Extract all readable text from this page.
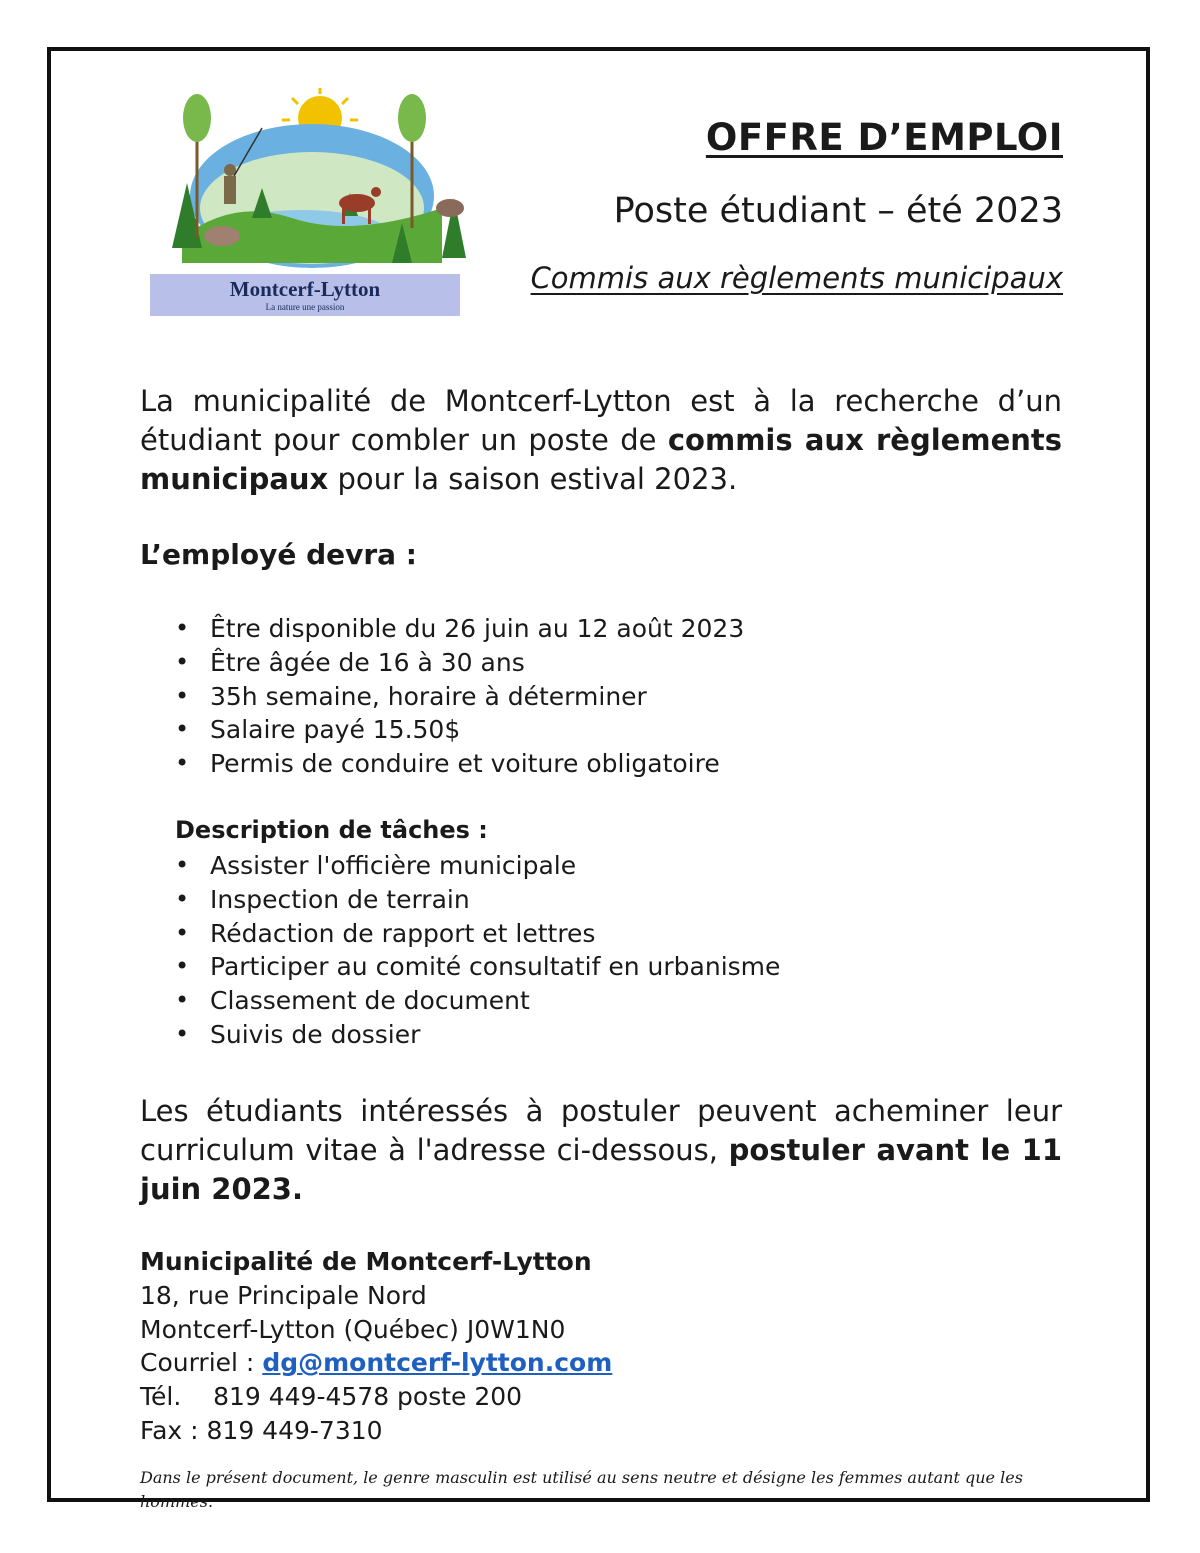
Montcerf-Lytton
La nature une passion
OFFRE D’EMPLOI
Poste étudiant – été 2023
Commis aux règlements municipaux

La municipalité de Montcerf-Lytton est à la recherche d’un étudiant pour combler un poste de commis aux règlements municipaux pour la saison estival 2023.

L’employé devra :
• Être disponible du 26 juin au 12 août 2023
• Être âgée de 16 à 30 ans
• 35h semaine, horaire à déterminer
• Salaire payé 15.50$
• Permis de conduire et voiture obligatoire
Description de tâches :
• Assister l'officière municipale
• Inspection de terrain
• Rédaction de rapport et lettres
• Participer au comité consultatif en urbanisme
• Classement de document
• Suivis de dossier

Les étudiants intéressés à postuler peuvent acheminer leur curriculum vitae à l'adresse ci-dessous, postuler avant le 11 juin 2023.

Municipalité de Montcerf-Lytton
18, rue Principale Nord
Montcerf-Lytton (Québec) J0W1N0
Courriel : dg@montcerf-lytton.com
Tél.    819 449-4578 poste 200
Fax : 819 449-7310
Dans le présent document, le genre masculin est utilisé au sens neutre et désigne les femmes autant que les hommes.
